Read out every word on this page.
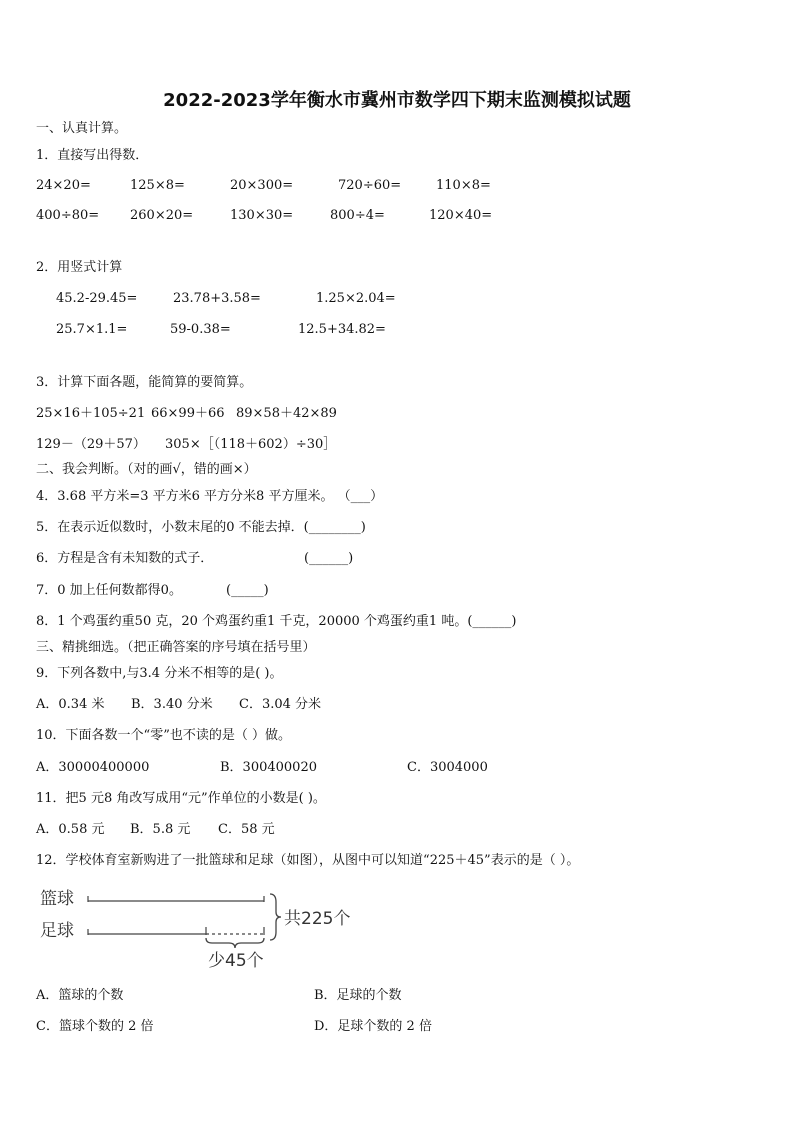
2022-2023学年衡水市冀州市数学四下期末监测模拟试题
一、认真计算。
1．直接写出得数．
24×20=	125×8=	20×300=	720÷60=	110×8=
400÷80= 260×20=	130×30=	800÷4=	120×40=
2．用竖式计算
45.2-29.45=	23.78+3.58=	1.25×2.04=
25.7×1.1=	59-0.38=	12.5+34.82=
3．计算下面各题，能简算的要简算。
25×16＋105÷21 66×99＋66 89×58＋42×89
129－（29＋57） 305×［（118＋602）÷30］
二、我会判断。（对的画√，错的画×）
4．3.68 平方米=3 平方米6 平方分米8 平方厘米。 （___）
5．在表示近似数时，小数末尾的0 不能去掉．(________)
6．方程是含有未知数的式子．	(______)
7．0 加上任何数都得0。	(_____)
8．1 个鸡蛋约重50 克，20 个鸡蛋约重1 千克，20000 个鸡蛋约重1 吨。(______)
三、精挑细选。（把正确答案的序号填在括号里）
9．下列各数中,与3.4 分米不相等的是( )。
A．0.34 米 B．3.40 分米 C．3.04 分米
10．下面各数一个“零”也不读的是（ ）做。
A．30000400000	B．300400020	C．3004000
11．把5 元8 角改写成用“元”作单位的小数是( )。
A．0.58 元 B．5.8 元 C．58 元
12．学校体育室新购进了一批篮球和足球（如图），从图中可以知道“225＋45”表示的是（ ）。
篮球
足球
共225个
少45个
A．篮球的个数	B．足球的个数
C．篮球个数的 2 倍	D．足球个数的 2 倍
